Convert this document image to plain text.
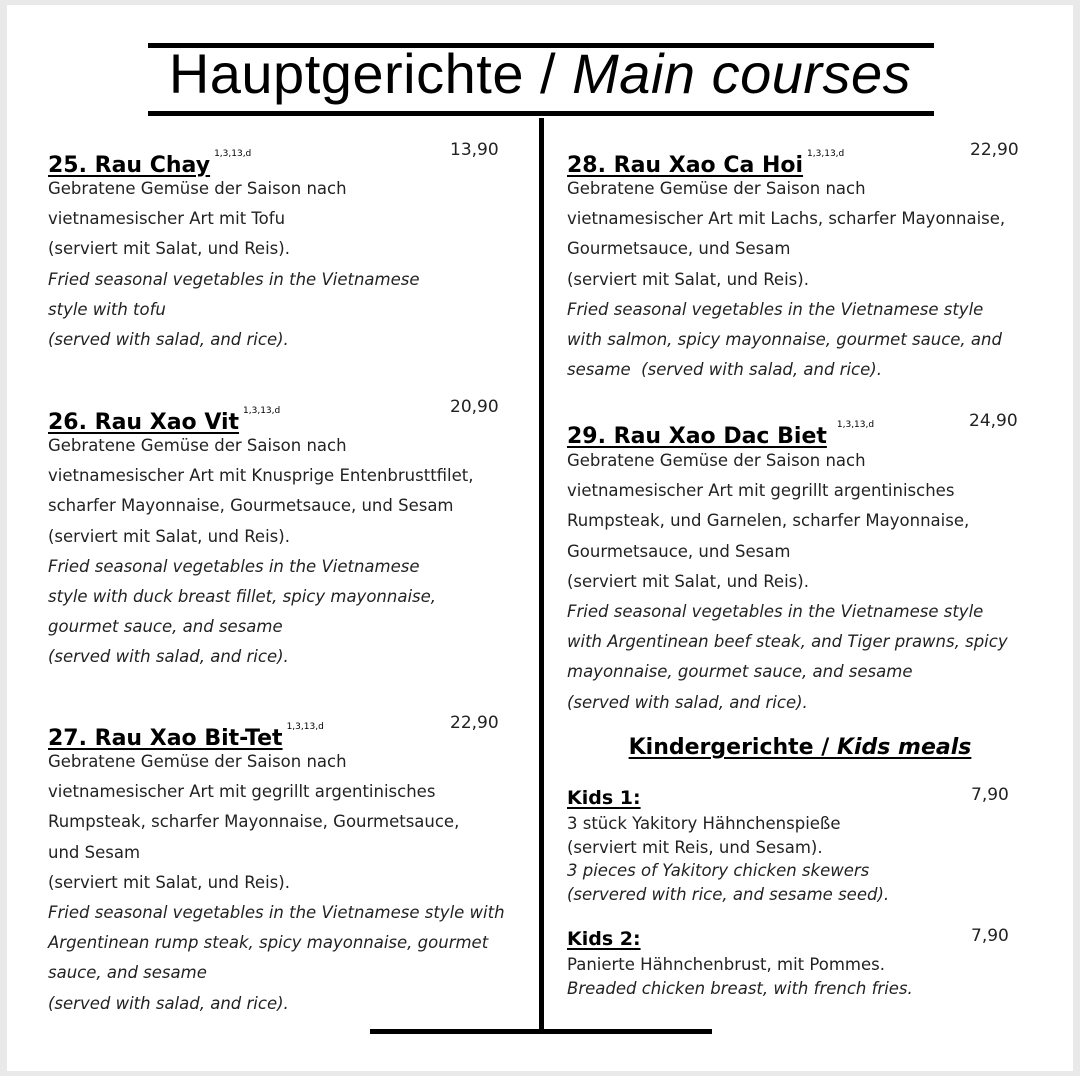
Hauptgerichte / Main courses
25. Rau Chay $^{1,3,13,d}$	13,90
Gebratene Gemüse der Saison nach
vietnamesischer Art mit Tofu
(serviert mit Salat, und Reis).
Fried seasonal vegetables in the Vietnamese
style with tofu
(served with salad, and rice).
26. Rau Xao Vit $^{1,3,13,d}$	20,90
Gebratene Gemüse der Saison nach
vietnamesischer Art mit Knusprige Entenbrusttfilet,
scharfer Mayonnaise, Gourmetsauce, und Sesam
(serviert mit Salat, und Reis).
Fried seasonal vegetables in the Vietnamese
style with duck breast fillet, spicy mayonnaise,
gourmet sauce, and sesame
(served with salad, and rice).
27. Rau Xao Bit-Tet $^{1,3,13,d}$	22,90
Gebratene Gemüse der Saison nach
vietnamesischer Art mit gegrillt argentinisches
Rumpsteak, scharfer Mayonnaise, Gourmetsauce,
und Sesam
(serviert mit Salat, und Reis).
Fried seasonal vegetables in the Vietnamese style with
Argentinean rump steak, spicy mayonnaise, gourmet
sauce, and sesame
(served with salad, and rice).
28. Rau Xao Ca Hoi $^{1,3,13,d}$	22,90
Gebratene Gemüse der Saison nach
vietnamesischer Art mit Lachs, scharfer Mayonnaise,
Gourmetsauce, und Sesam
(serviert mit Salat, und Reis).
Fried seasonal vegetables in the Vietnamese style
with salmon, spicy mayonnaise, gourmet sauce, and
sesame  (served with salad, and rice).
29. Rau Xao Dac Biet $^{1,3,13,d}$	24,90
Gebratene Gemüse der Saison nach
vietnamesischer Art mit gegrillt argentinisches
Rumpsteak, und Garnelen, scharfer Mayonnaise,
Gourmetsauce, und Sesam
(serviert mit Salat, und Reis).
Fried seasonal vegetables in the Vietnamese style
with Argentinean beef steak, and Tiger prawns, spicy
mayonnaise, gourmet sauce, and sesame
(served with salad, and rice).
Kindergerichte / Kids meals
Kids 1:	7,90
3 stück Yakitory Hähnchenspieße
(serviert mit Reis, und Sesam).
3 pieces of Yakitory chicken skewers
(servered with rice, and sesame seed).
Kids 2:	7,90
Panierte Hähnchenbrust, mit Pommes.
Breaded chicken breast, with french fries.
